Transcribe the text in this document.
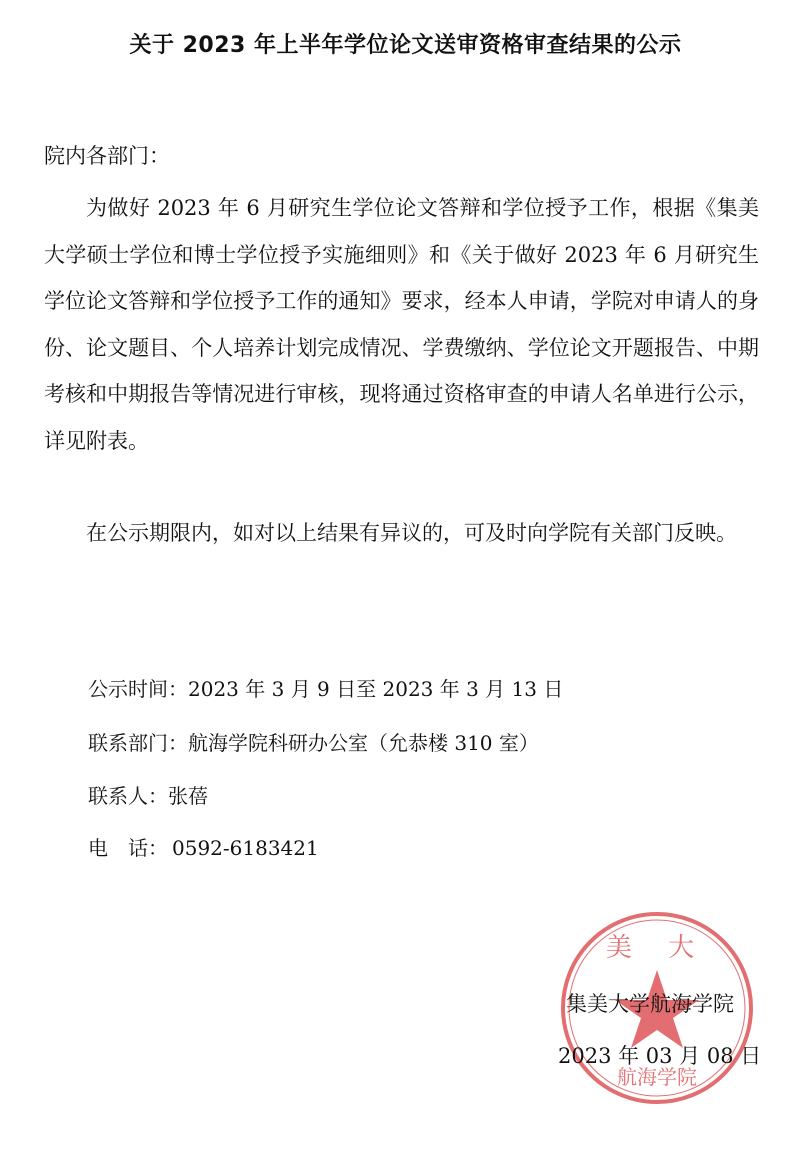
关于 2023 年上半年学位论文送审资格审查结果的公示

院内各部门：

为做好 2023 年 6 月研究生学位论文答辩和学位授予工作，根据《集美大学硕士学位和博士学位授予实施细则》和《关于做好 2023 年 6 月研究生学位论文答辩和学位授予工作的通知》要求，经本人申请，学院对申请人的身份、论文题目、个人培养计划完成情况、学费缴纳、学位论文开题报告、中期考核和中期报告等情况进行审核，现将通过资格审查的申请人名单进行公示，详见附表。

在公示期限内，如对以上结果有异议的，可及时向学院有关部门反映。

公示时间：2023 年 3 月 9 日至 2023 年 3 月 13 日

联系部门：航海学院科研办公室（允恭楼 310 室）

联系人：张蓓

电　话： 0592-6183421

美 大
航海学院

集美大学航海学院

2023 年 03 月 08 日
